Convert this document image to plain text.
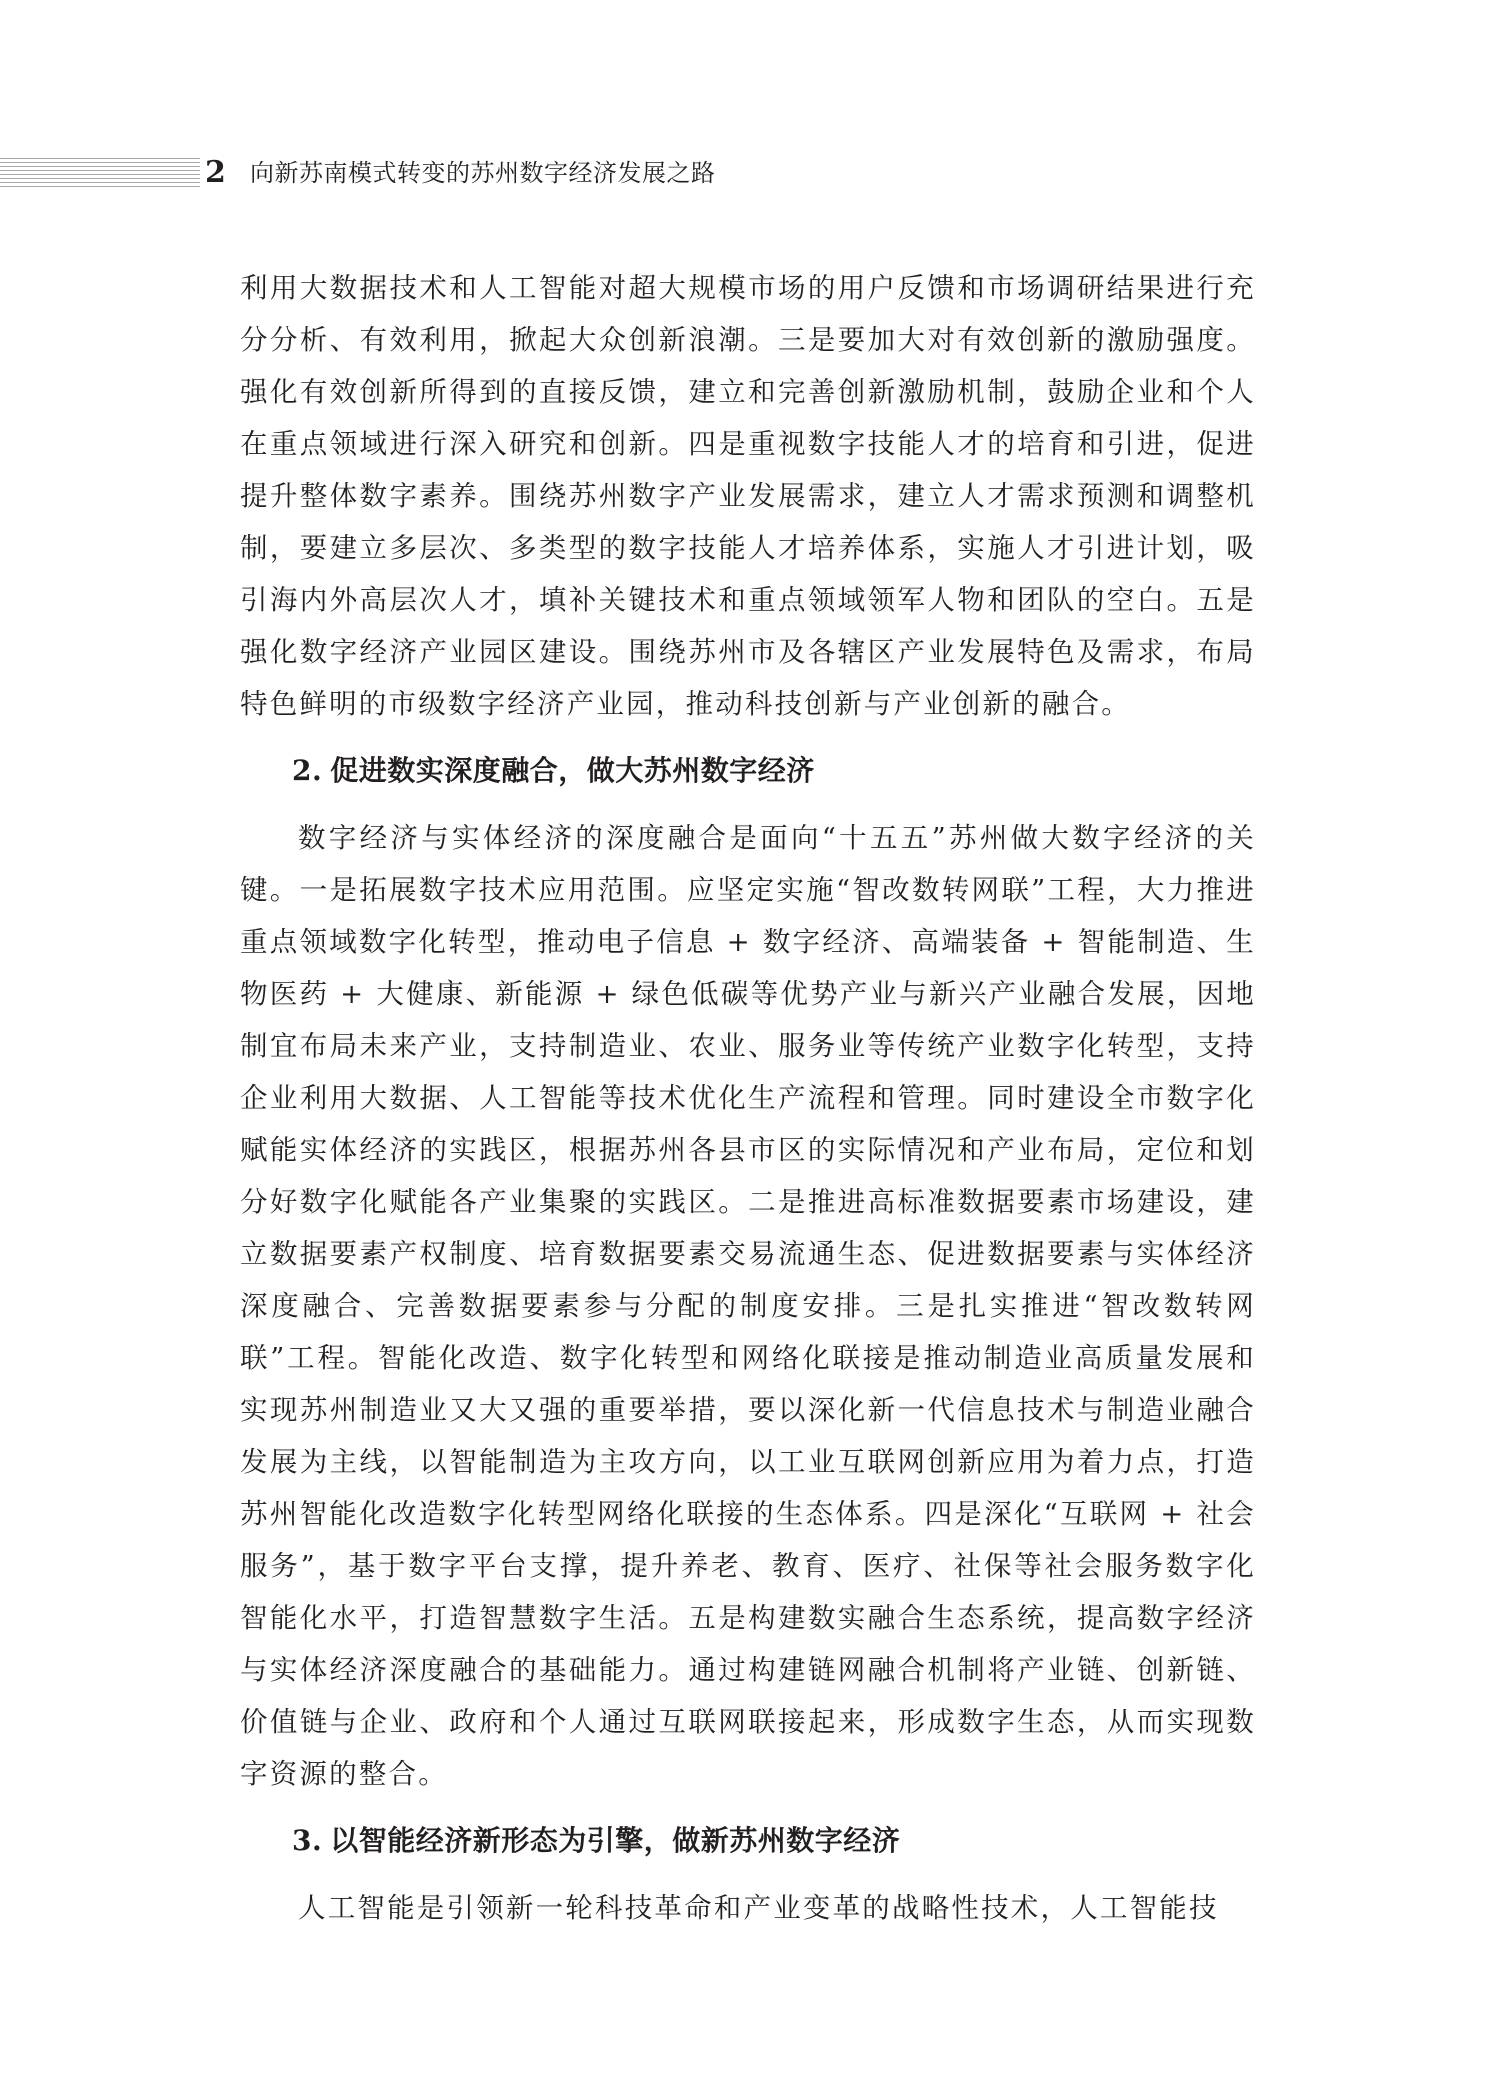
2 向新苏南模式转变的苏州数字经济发展之路

利用大数据技术和人工智能对超大规模市场的用户反馈和市场调研结果进行充分分析、有效利用，掀起大众创新浪潮。三是要加大对有效创新的激励强度。强化有效创新所得到的直接反馈，建立和完善创新激励机制，鼓励企业和个人在重点领域进行深入研究和创新。四是重视数字技能人才的培育和引进，促进提升整体数字素养。围绕苏州数字产业发展需求，建立人才需求预测和调整机制，要建立多层次、多类型的数字技能人才培养体系，实施人才引进计划，吸引海内外高层次人才，填补关键技术和重点领域领军人物和团队的空白。五是强化数字经济产业园区建设。围绕苏州市及各辖区产业发展特色及需求，布局特色鲜明的市级数字经济产业园，推动科技创新与产业创新的融合。

2. 促进数实深度融合，做大苏州数字经济

数字经济与实体经济的深度融合是面向“十五五”苏州做大数字经济的关键。一是拓展数字技术应用范围。应坚定实施“智改数转网联”工程，大力推进重点领域数字化转型，推动电子信息 + 数字经济、高端装备 + 智能制造、生物医药 + 大健康、新能源 + 绿色低碳等优势产业与新兴产业融合发展，因地制宜布局未来产业，支持制造业、农业、服务业等传统产业数字化转型，支持企业利用大数据、人工智能等技术优化生产流程和管理。同时建设全市数字化赋能实体经济的实践区，根据苏州各县市区的实际情况和产业布局，定位和划分好数字化赋能各产业集聚的实践区。二是推进高标准数据要素市场建设，建立数据要素产权制度、培育数据要素交易流通生态、促进数据要素与实体经济深度融合、完善数据要素参与分配的制度安排。三是扎实推进“智改数转网联”工程。智能化改造、数字化转型和网络化联接是推动制造业高质量发展和实现苏州制造业又大又强的重要举措，要以深化新一代信息技术与制造业融合发展为主线，以智能制造为主攻方向，以工业互联网创新应用为着力点，打造苏州智能化改造数字化转型网络化联接的生态体系。四是深化“互联网 + 社会服务”，基于数字平台支撑，提升养老、教育、医疗、社保等社会服务数字化智能化水平，打造智慧数字生活。五是构建数实融合生态系统，提高数字经济与实体经济深度融合的基础能力。通过构建链网融合机制将产业链、创新链、价值链与企业、政府和个人通过互联网联接起来，形成数字生态，从而实现数字资源的整合。

3. 以智能经济新形态为引擎，做新苏州数字经济

人工智能是引领新一轮科技革命和产业变革的战略性技术，人工智能技
